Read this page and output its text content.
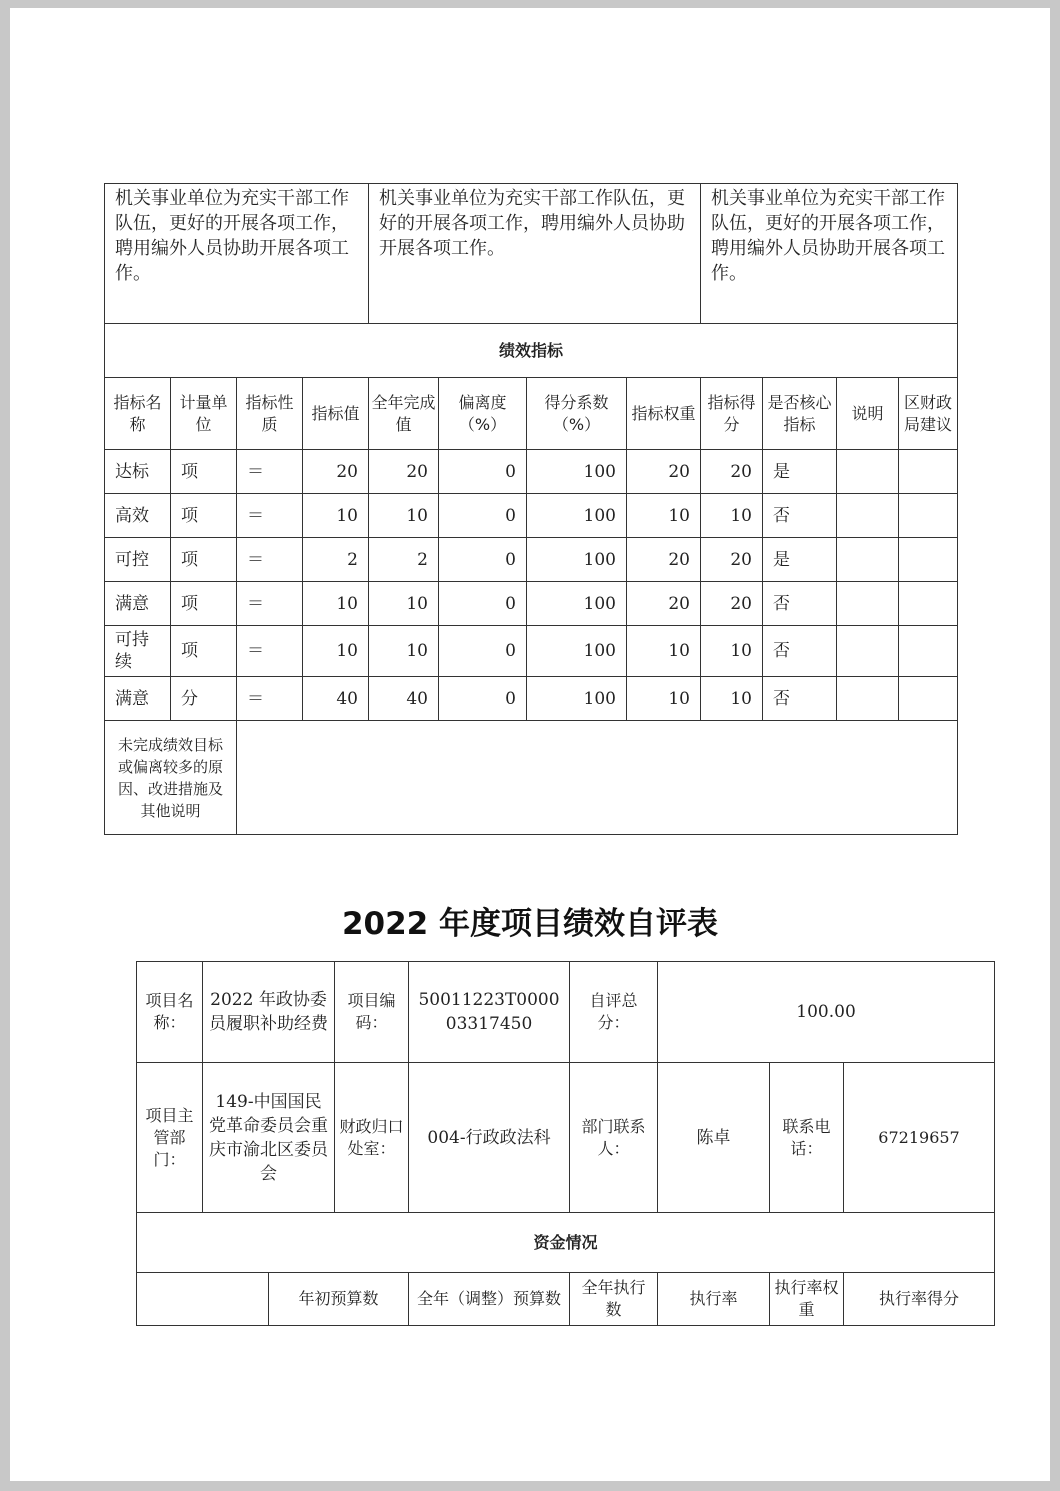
机关事业单位为充实干部工作队伍，更好的开展各项工作，聘用编外人员协助开展各项工作。				机关事业单位为充实干部工作队伍，更好的开展各项工作，聘用编外人员协助开展各项工作。				机关事业单位为充实干部工作队伍，更好的开展各项工作，聘用编外人员协助开展各项工作。			
绩效指标											
指标名称	计量单位	指标性质	指标值	全年完成值	偏离度（%）	得分系数（%）	指标权重	指标得分	是否核心指标	说明	区财政局建议
达标	项	＝	20	20	0	100	20	20	是		
高效	项	＝	10	10	0	100	10	10	否		
可控	项	＝	2	2	0	100	20	20	是		
满意	项	＝	10	10	0	100	20	20	否		
可持续	项	＝	10	10	0	100	10	10	否		
满意	分	＝	40	40	0	100	10	10	否		
未完成绩效目标或偏离较多的原因、改进措施及其他说明											
2022 年度项目绩效自评表
项目名称：	2022 年政协委员履职补助经费		项目编码：	50011223T000003317450	自评总分：	100.00		
项目主管部门：	149-中国国民党革命委员会重庆市渝北区委员会		财政归口处室：	004-行政政法科	部门联系人：	陈卓	联系电话：	67219657
资金情况								
		年初预算数		全年（调整）预算数	全年执行数	执行率	执行率权重	执行率得分
